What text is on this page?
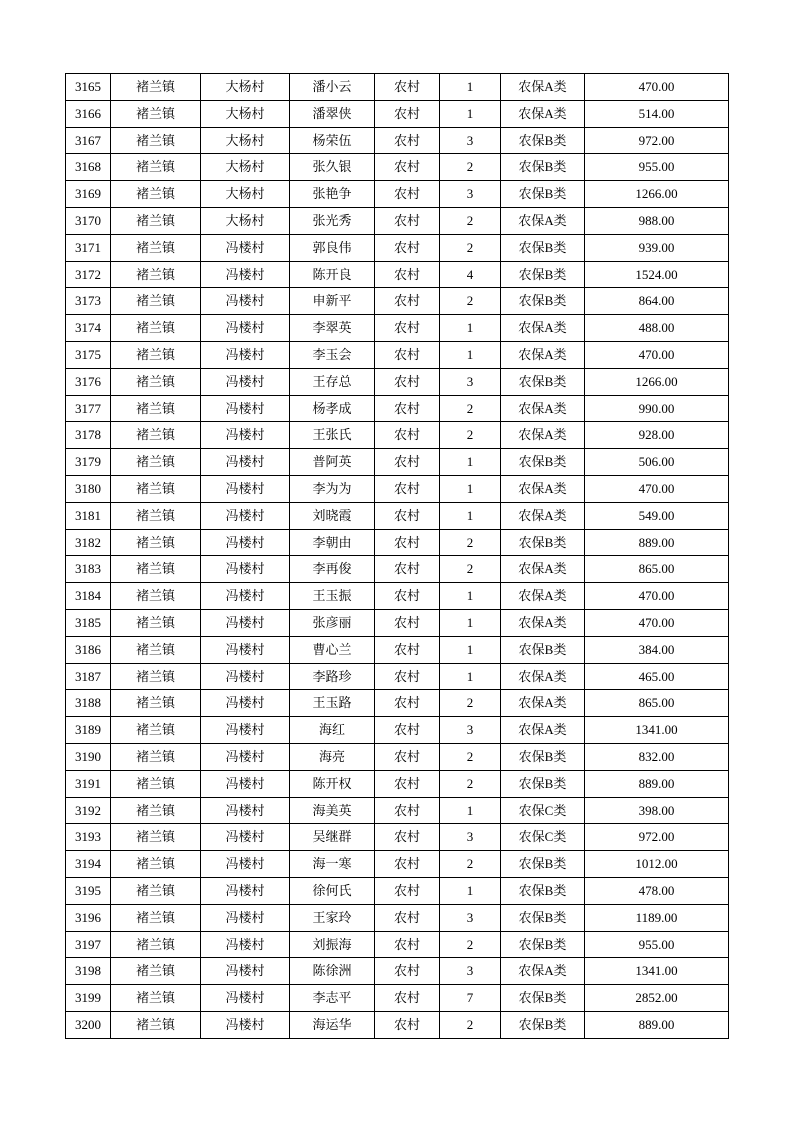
3165	褚兰镇	大杨村	潘小云	农村	1	农保A类	470.00
3166	褚兰镇	大杨村	潘翠侠	农村	1	农保A类	514.00
3167	褚兰镇	大杨村	杨荣伍	农村	3	农保B类	972.00
3168	褚兰镇	大杨村	张久银	农村	2	农保B类	955.00
3169	褚兰镇	大杨村	张艳争	农村	3	农保B类	1266.00
3170	褚兰镇	大杨村	张光秀	农村	2	农保A类	988.00
3171	褚兰镇	冯楼村	郭良伟	农村	2	农保B类	939.00
3172	褚兰镇	冯楼村	陈开良	农村	4	农保B类	1524.00
3173	褚兰镇	冯楼村	申新平	农村	2	农保B类	864.00
3174	褚兰镇	冯楼村	李翠英	农村	1	农保A类	488.00
3175	褚兰镇	冯楼村	李玉会	农村	1	农保A类	470.00
3176	褚兰镇	冯楼村	王存总	农村	3	农保B类	1266.00
3177	褚兰镇	冯楼村	杨孝成	农村	2	农保A类	990.00
3178	褚兰镇	冯楼村	王张氏	农村	2	农保A类	928.00
3179	褚兰镇	冯楼村	普阿英	农村	1	农保B类	506.00
3180	褚兰镇	冯楼村	李为为	农村	1	农保A类	470.00
3181	褚兰镇	冯楼村	刘晓霞	农村	1	农保A类	549.00
3182	褚兰镇	冯楼村	李朝由	农村	2	农保B类	889.00
3183	褚兰镇	冯楼村	李再俊	农村	2	农保A类	865.00
3184	褚兰镇	冯楼村	王玉振	农村	1	农保A类	470.00
3185	褚兰镇	冯楼村	张彦丽	农村	1	农保A类	470.00
3186	褚兰镇	冯楼村	曹心兰	农村	1	农保B类	384.00
3187	褚兰镇	冯楼村	李路珍	农村	1	农保A类	465.00
3188	褚兰镇	冯楼村	王玉路	农村	2	农保A类	865.00
3189	褚兰镇	冯楼村	海红	农村	3	农保A类	1341.00
3190	褚兰镇	冯楼村	海亮	农村	2	农保B类	832.00
3191	褚兰镇	冯楼村	陈开权	农村	2	农保B类	889.00
3192	褚兰镇	冯楼村	海美英	农村	1	农保C类	398.00
3193	褚兰镇	冯楼村	吴继群	农村	3	农保C类	972.00
3194	褚兰镇	冯楼村	海一寒	农村	2	农保B类	1012.00
3195	褚兰镇	冯楼村	徐何氏	农村	1	农保B类	478.00
3196	褚兰镇	冯楼村	王家玲	农村	3	农保B类	1189.00
3197	褚兰镇	冯楼村	刘振海	农村	2	农保B类	955.00
3198	褚兰镇	冯楼村	陈徐洲	农村	3	农保A类	1341.00
3199	褚兰镇	冯楼村	李志平	农村	7	农保B类	2852.00
3200	褚兰镇	冯楼村	海运华	农村	2	农保B类	889.00
